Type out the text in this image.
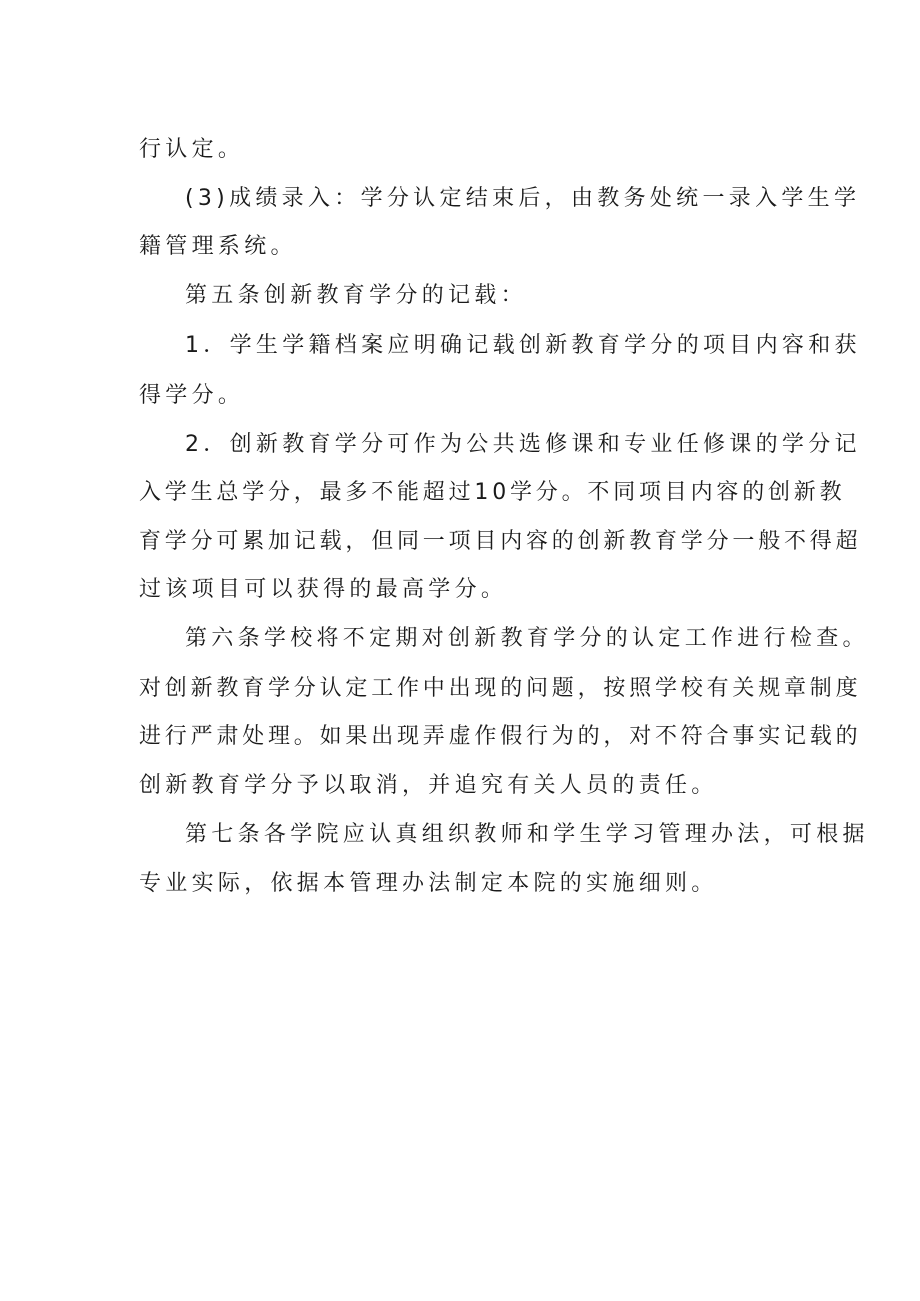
行认定。

(3)成绩录入：学分认定结束后，由教务处统一录入学生学

籍管理系统。

第五条创新教育学分的记载：

1．学生学籍档案应明确记载创新教育学分的项目内容和获

得学分。

2．创新教育学分可作为公共选修课和专业任修课的学分记

入学生总学分，最多不能超过10学分。不同项目内容的创新教

育学分可累加记载，但同一项目内容的创新教育学分一般不得超

过该项目可以获得的最高学分。

第六条学校将不定期对创新教育学分的认定工作进行检查。

对创新教育学分认定工作中出现的问题，按照学校有关规章制度

进行严肃处理。如果出现弄虚作假行为的，对不符合事实记载的

创新教育学分予以取消，并追究有关人员的责任。

第七条各学院应认真组织教师和学生学习管理办法，可根据

专业实际，依据本管理办法制定本院的实施细则。
